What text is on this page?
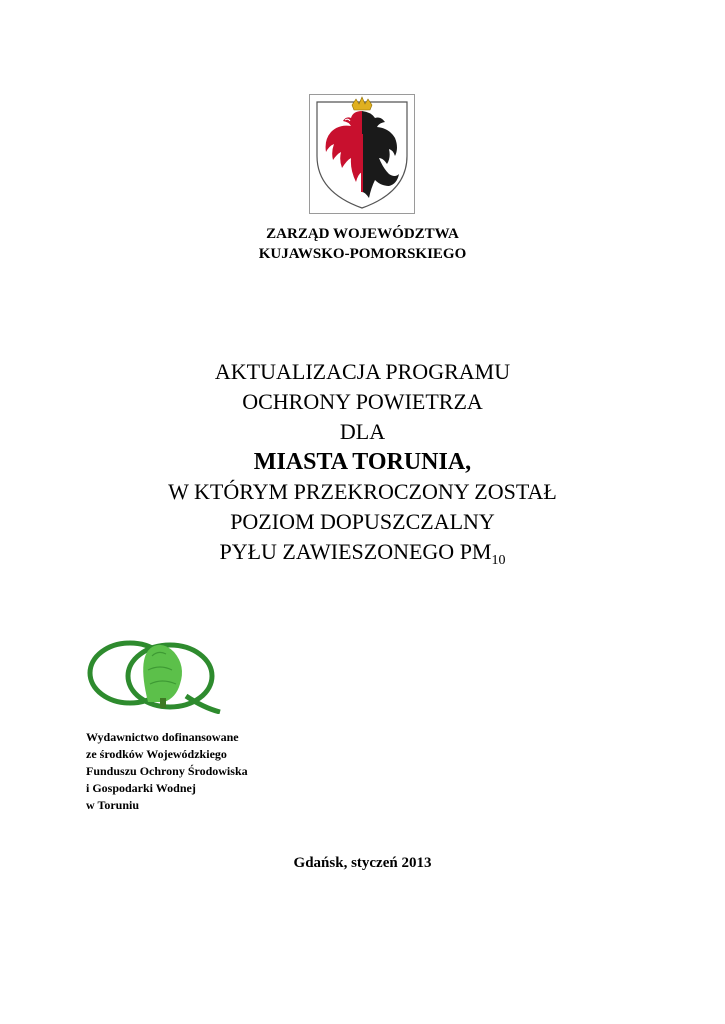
ZARZĄD WOJEWÓDZTWA
KUJAWSKO-POMORSKIEGO
AKTUALIZACJA PROGRAMU
OCHRONY POWIETRZA
DLA
MIASTA TORUNIA,
W KTÓRYM PRZEKROCZONY ZOSTAŁ
POZIOM DOPUSZCZALNY
PYŁU ZAWIESZONEGO $PM_{10}$
Wydawnictwo dofinansowane
ze środków Wojewódzkiego
Funduszu Ochrony Środowiska
i Gospodarki Wodnej
w Toruniu
Gdańsk, styczeń 2013
